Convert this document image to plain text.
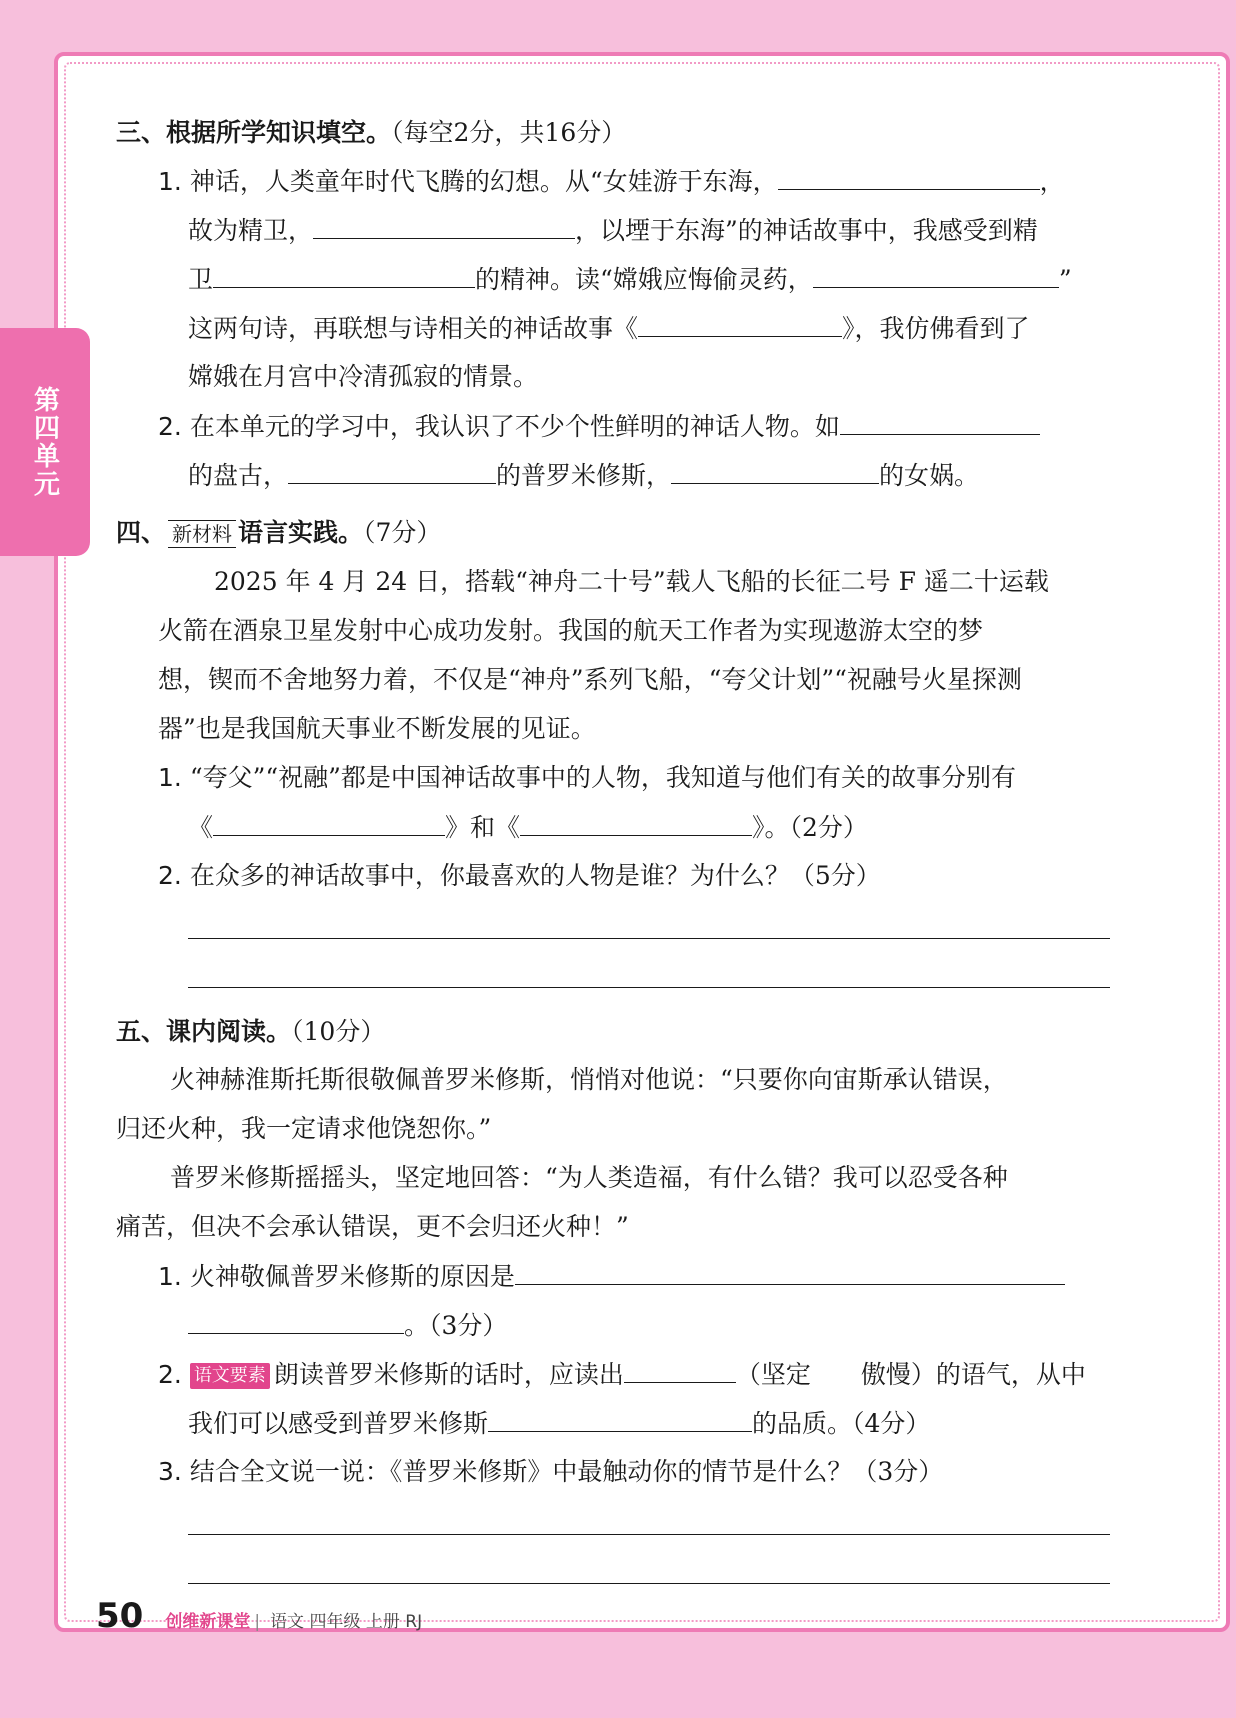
第四单元
三、根据所学知识填空。（每空2分，共16分）
1. 神话，人类童年时代飞腾的幻想。从“女娃游于东海，	，
故为精卫，	，以堙于东海”的神话故事中，我感受到精
卫	的精神。读“嫦娥应悔偷灵药，	”
这两句诗，再联想与诗相关的神话故事《	》，我仿佛看到了
嫦娥在月宫中冷清孤寂的情景。
2. 在本单元的学习中，我认识了不少个性鲜明的神话人物。如
的盘古，	的普罗米修斯，	的女娲。
四、 新材料 语言实践。（7分）
2025 年 4 月 24 日，搭载“神舟二十号”载人飞船的长征二号 F 遥二十运载
火箭在酒泉卫星发射中心成功发射。我国的航天工作者为实现遨游太空的梦
想，锲而不舍地努力着，不仅是“神舟”系列飞船，“夸父计划”“祝融号火星探测
器”也是我国航天事业不断发展的见证。
1. “夸父”“祝融”都是中国神话故事中的人物，我知道与他们有关的故事分别有
《	》和《	》。（2分）
2. 在众多的神话故事中，你最喜欢的人物是谁？为什么？（5分）
五、课内阅读。（10分）
火神赫淮斯托斯很敬佩普罗米修斯，悄悄对他说：“只要你向宙斯承认错误，
归还火种，我一定请求他饶恕你。”
普罗米修斯摇摇头，坚定地回答：“为人类造福，有什么错？我可以忍受各种
痛苦，但决不会承认错误，更不会归还火种！”
1. 火神敬佩普罗米修斯的原因是
。（3分）
2. 语文要素 朗读普罗米修斯的话时，应读出	（坚定　　傲慢）的语气，从中
我们可以感受到普罗米修斯	的品质。（4分）
3. 结合全文说一说：《普罗米修斯》中最触动你的情节是什么？（3分）
50 创维新课堂 | 语文 四年级 上册 RJ
